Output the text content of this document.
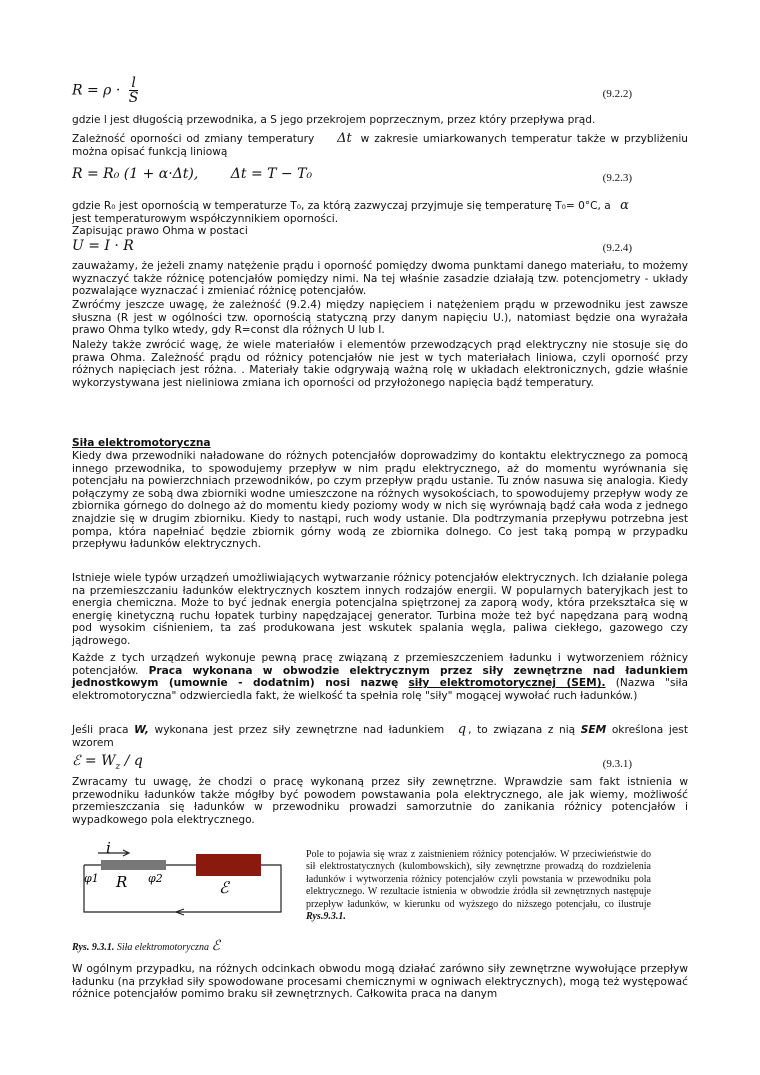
$R = \rho \cdot \frac{l}{S}$	(9.2.2)
gdzie l jest długością przewodnika, a S jego przekrojem poprzecznym, przez który przepływa prąd.
Zależność oporności od zmiany temperatury Δt w zakresie umiarkowanych temperatur także w przybliżeniu można opisać funkcją liniową
R = R₀ (1 + α·Δt), Δt = T − T₀	(9.2.3)
gdzie R₀ jest opornością w temperaturze T₀, za którą zazwyczaj przyjmuje się temperaturę T₀= 0°C, a α
jest temperaturowym współczynnikiem oporności.
Zapisując prawo Ohma w postaci
U = I · R	(9.2.4)
zauważamy, że jeżeli znamy natężenie prądu i oporność pomiędzy dwoma punktami danego materiału, to możemy wyznaczyć także różnicę potencjałów pomiędzy nimi. Na tej właśnie zasadzie działają tzw. potencjometry - układy pozwalające wyznaczać i zmieniać różnicę potencjałów.
Zwróćmy jeszcze uwagę, że zależność (9.2.4) między napięciem i natężeniem prądu w przewodniku jest zawsze słuszna (R jest w ogólności tzw. opornością statyczną przy danym napięciu U.), natomiast będzie ona wyrażała prawo Ohma tylko wtedy, gdy R=const dla różnych U lub I.
Należy także zwrócić wagę, że wiele materiałów i elementów przewodzących prąd elektryczny nie stosuje się do prawa Ohma. Zależność prądu od różnicy potencjałów nie jest w tych materiałach liniowa, czyli oporność przy różnych napięciach jest różna. . Materiały takie odgrywają ważną rolę w układach elektronicznych, gdzie właśnie wykorzystywana jest nieliniowa zmiana ich oporności od przyłożonego napięcia bądź temperatury.
Siła elektromotoryczna
Kiedy dwa przewodniki naładowane do różnych potencjałów doprowadzimy do kontaktu elektrycznego za pomocą innego przewodnika, to spowodujemy przepływ w nim prądu elektrycznego, aż do momentu wyrównania się potencjału na powierzchniach przewodników, po czym przepływ prądu ustanie. Tu znów nasuwa się analogia. Kiedy połączymy ze sobą dwa zbiorniki wodne umieszczone na różnych wysokościach, to spowodujemy przepływ wody ze zbiornika górnego do dolnego aż do momentu kiedy poziomy wody w nich się wyrównają bądź cała woda z jednego znajdzie się w drugim zbiorniku. Kiedy to nastąpi, ruch wody ustanie. Dla podtrzymania przepływu potrzebna jest pompa, która napełniać będzie zbiornik górny wodą ze zbiornika dolnego. Co jest taką pompą w przypadku przepływu ładunków elektrycznych.
Istnieje wiele typów urządzeń umożliwiających wytwarzanie różnicy potencjałów elektrycznych. Ich działanie polega na przemieszczaniu ładunków elektrycznych kosztem innych rodzajów energii. W popularnych bateryjkach jest to energia chemiczna. Może to być jednak energia potencjalna spiętrzonej za zaporą wody, która przekształca się w energię kinetyczną ruchu łopatek turbiny napędzającej generator. Turbina może też być napędzana parą wodną pod wysokim ciśnieniem, ta zaś produkowana jest wskutek spalania węgla, paliwa ciekłego, gazowego czy jądrowego.
Każde z tych urządzeń wykonuje pewną pracę związaną z przemieszczeniem ładunku i wytworzeniem różnicy potencjałów. Praca wykonana w obwodzie elektrycznym przez siły zewnętrzne nad ładunkiem jednostkowym (umownie - dodatnim) nosi nazwę siły elektromotorycznej (SEM). (Nazwa "siła elektromotoryczna" odzwierciedla fakt, że wielkość ta spełnia rolę "siły" mogącej wywołać ruch ładunków.)
Jeśli praca W, wykonana jest przez siły zewnętrzne nad ładunkiem q , to związana z nią SEM określona jest wzorem
ℰ = $W_z$ / q	(9.3.1)
Zwracamy tu uwagę, że chodzi o pracę wykonaną przez siły zewnętrzne. Wprawdzie sam fakt istnienia w przewodniku ładunków także mógłby być powodem powstawania pola elektrycznego, ale jak wiemy, możliwość przemieszczania się ładunków w przewodniku prowadzi samorzutnie do zanikania różnicy potencjałów i wypadkowego pola elektrycznego.
i
φ1	φ2
R	ℰ
Rys. 9.3.1. Siła elektromotoryczna ℰ
Pole to pojawia się wraz z zaistnieniem różnicy potencjałów. W przeciwieństwie do sił elektrostatycznych (kulombowskich), siły zewnętrzne prowadzą do rozdzielenia ładunków i wytworzenia różnicy potencjałów czyli powstania w przewodniku pola elektrycznego. W rezultacie istnienia w obwodzie źródła sił zewnętrznych następuje przepływ ładunków, w kierunku od wyższego do niższego potencjału, co ilustruje Rys.9.3.1.
W ogólnym przypadku, na różnych odcinkach obwodu mogą działać zarówno siły zewnętrzne wywołujące przepływ ładunku (na przykład siły spowodowane procesami chemicznymi w ogniwach elektrycznych), mogą też występować różnice potencjałów pomimo braku sił zewnętrznych. Całkowita praca na danym
